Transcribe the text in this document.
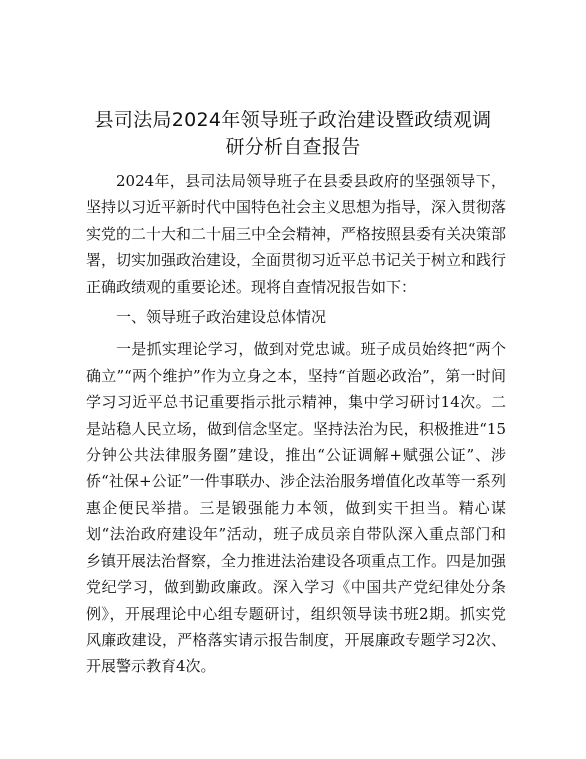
县司法局2024年领导班子政治建设暨政绩观调
研分析自查报告

2024年，县司法局领导班子在县委县政府的坚强领导下，坚持以习近平新时代中国特色社会主义思想为指导，深入贯彻落实党的二十大和二十届三中全会精神，严格按照县委有关决策部署，切实加强政治建设，全面贯彻习近平总书记关于树立和践行正确政绩观的重要论述。现将自查情况报告如下：

一、领导班子政治建设总体情况

一是抓实理论学习，做到对党忠诚。班子成员始终把“两个确立”“两个维护”作为立身之本，坚持“首题必政治”，第一时间学习习近平总书记重要指示批示精神，集中学习研讨14次。二是站稳人民立场，做到信念坚定。坚持法治为民，积极推进“15分钟公共法律服务圈”建设，推出“公证调解+赋强公证”、涉侨“社保+公证”一件事联办、涉企法治服务增值化改革等一系列惠企便民举措。三是锻强能力本领，做到实干担当。精心谋划“法治政府建设年”活动，班子成员亲自带队深入重点部门和乡镇开展法治督察，全力推进法治建设各项重点工作。四是加强党纪学习，做到勤政廉政。深入学习《中国共产党纪律处分条例》，开展理论中心组专题研讨，组织领导读书班2期。抓实党风廉政建设，严格落实请示报告制度，开展廉政专题学习2次、开展警示教育4次。
